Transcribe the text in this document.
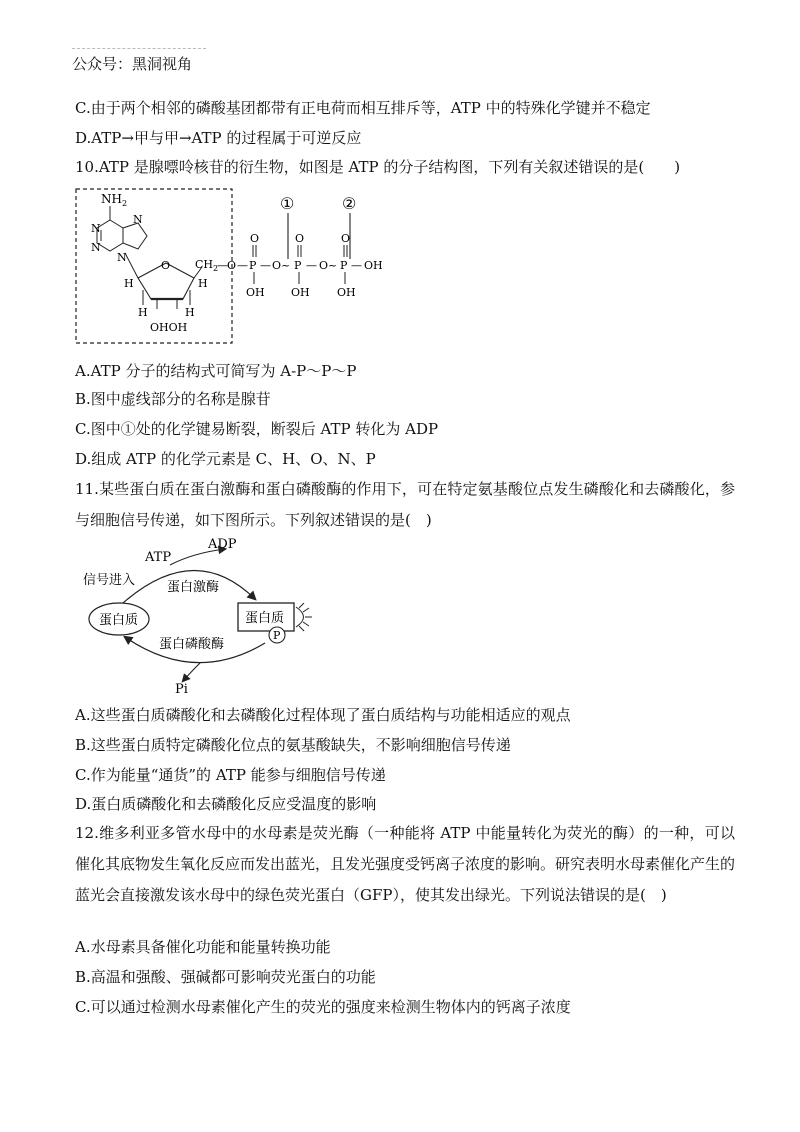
公众号：黑洞视角
C.由于两个相邻的磷酸基团都带有正电荷而相互排斥等，ATP 中的特殊化学键并不稳定
D.ATP→甲与甲→ATP 的过程属于可逆反应
10.ATP 是腺嘌呤核苷的衍生物，如图是 ATP 的分子结构图，下列有关叙述错误的是(　　)
$NH_2$
N
N
N
N
O
H	H
H	H
OHOH
$CH_2$
— O — P
O
OH
— O ~
①
P
O
OH
— O ~
②
P
O
OH
— OH
A.ATP 分子的结构式可简写为 A-P～P～P
B.图中虚线部分的名称是腺苷
C.图中①处的化学键易断裂，断裂后 ATP 转化为 ADP
D.组成 ATP 的化学元素是 C、H、O、N、P
11.某些蛋白质在蛋白激酶和蛋白磷酸酶的作用下，可在特定氨基酸位点发生磷酸化和去磷酸化，参与细胞信号传递，如下图所示。下列叙述错误的是(　)
ATP
ADP
信号进入 蛋白激酶
蛋白质	蛋白质
P
蛋白磷酸酶
Pi
A.这些蛋白质磷酸化和去磷酸化过程体现了蛋白质结构与功能相适应的观点
B.这些蛋白质特定磷酸化位点的氨基酸缺失，不影响细胞信号传递
C.作为能量“通货”的 ATP 能参与细胞信号传递
D.蛋白质磷酸化和去磷酸化反应受温度的影响
12.维多利亚多管水母中的水母素是荧光酶（一种能将 ATP 中能量转化为荧光的酶）的一种，可以催化其底物发生氧化反应而发出蓝光，且发光强度受钙离子浓度的影响。研究表明水母素催化产生的蓝光会直接激发该水母中的绿色荧光蛋白（GFP），使其发出绿光。下列说法错误的是(　)
A.水母素具备催化功能和能量转换功能
B.高温和强酸、强碱都可影响荧光蛋白的功能
C.可以通过检测水母素催化产生的荧光的强度来检测生物体内的钙离子浓度
